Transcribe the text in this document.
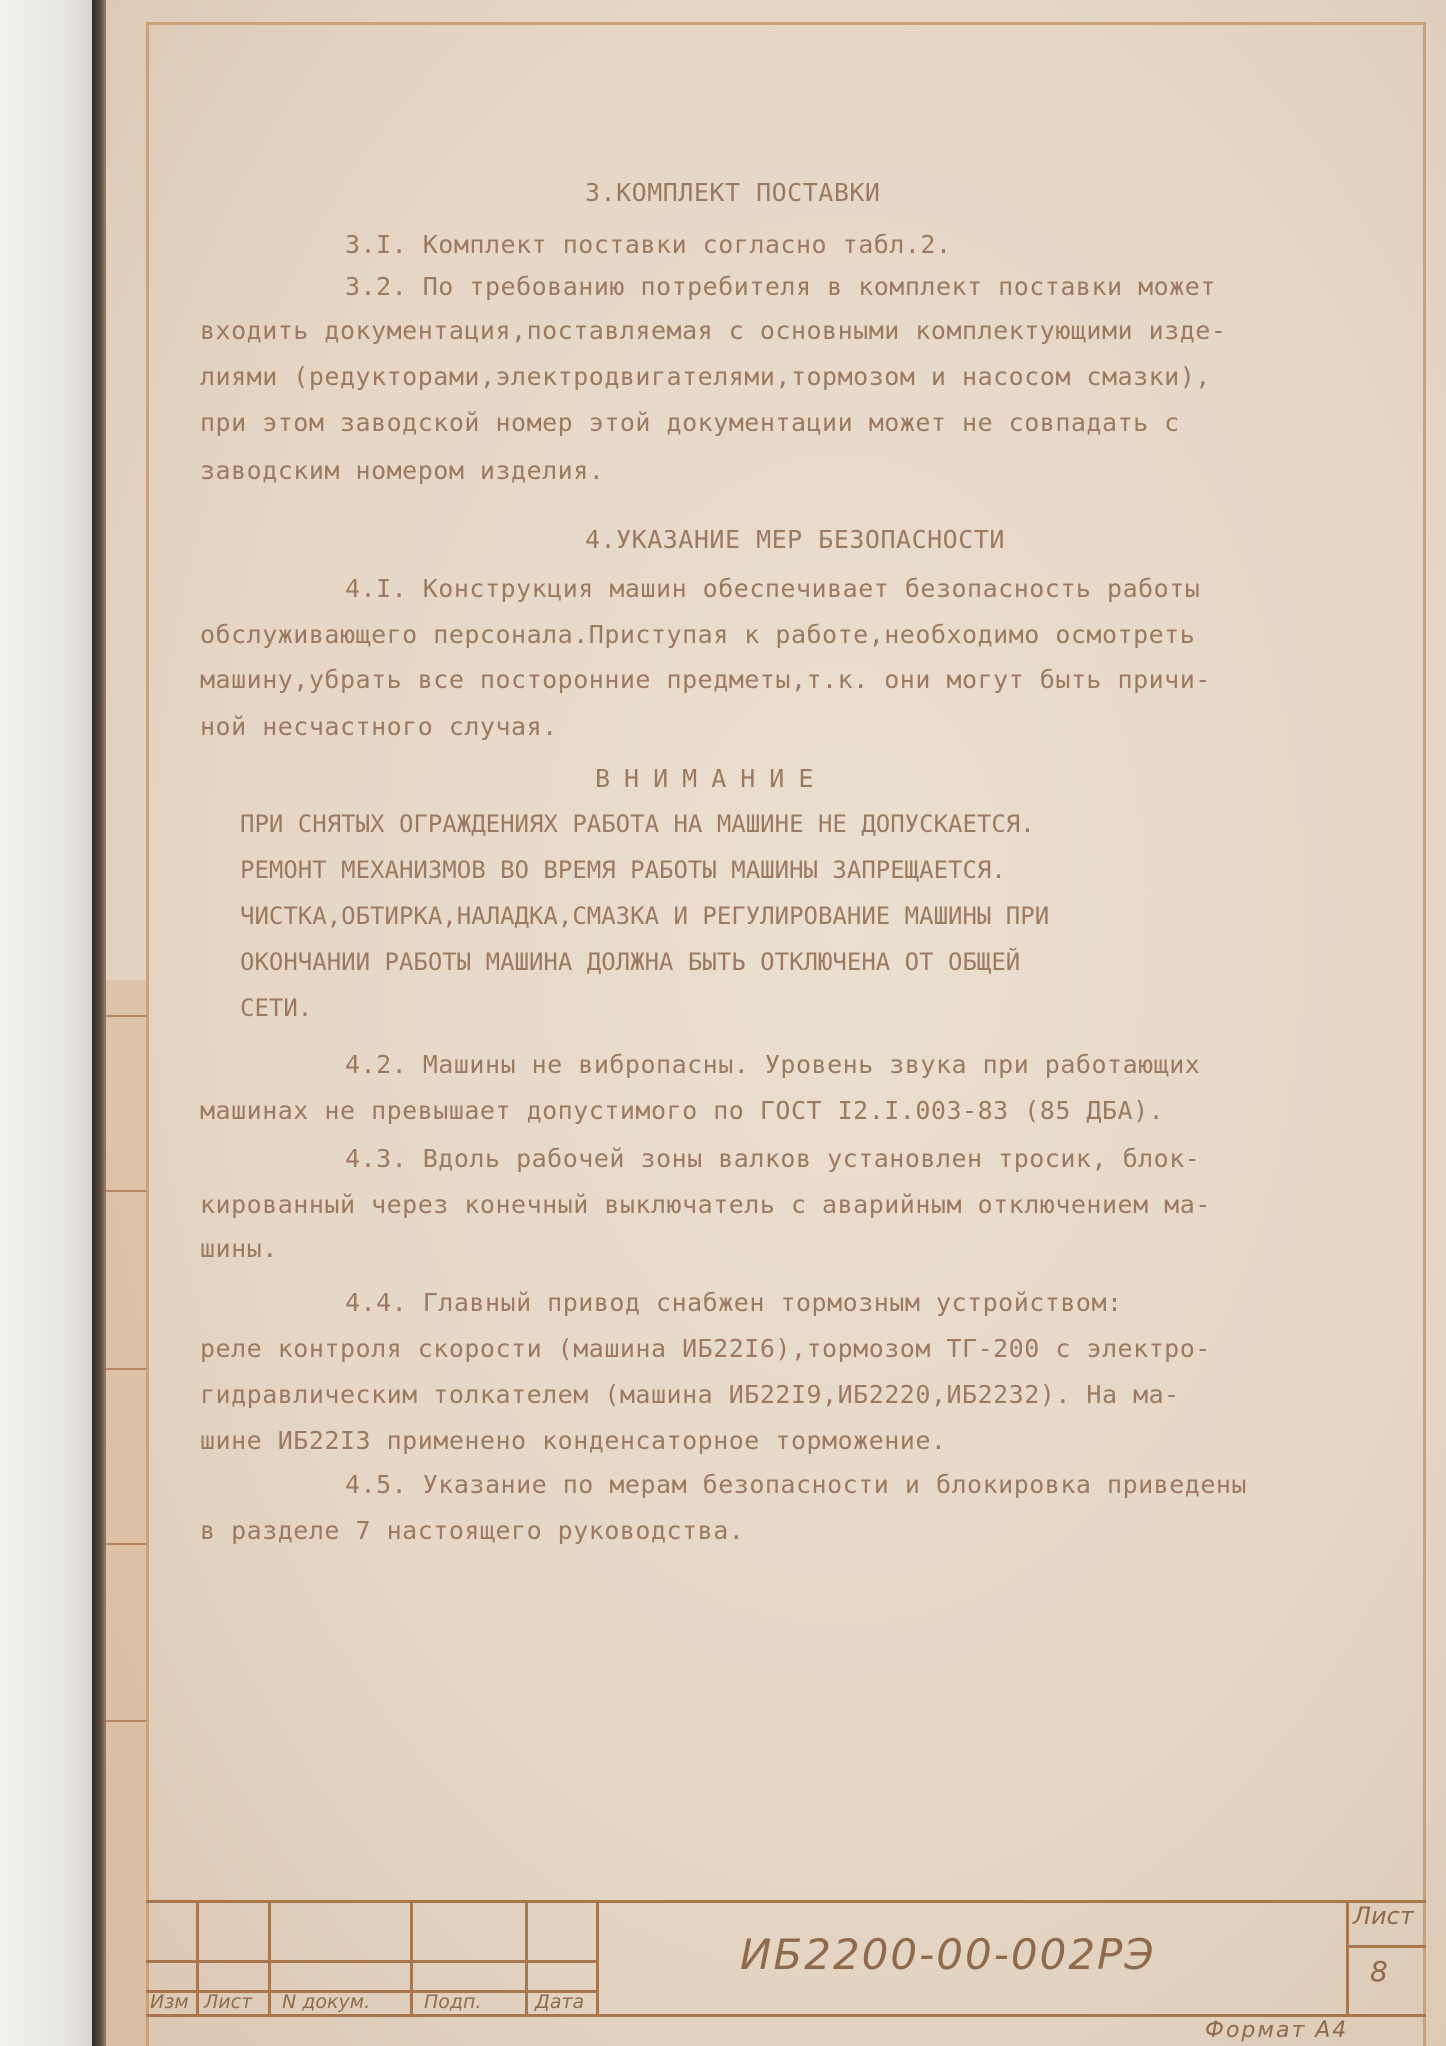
3.КОМПЛЕКТ ПОСТАВКИ
3.I. Комплект поставки согласно табл.2.
3.2. По требованию потребителя в комплект поставки может
входить документация,поставляемая с основными комплектующими изде-
лиями (редукторами,электродвигателями,тормозом и насосом смазки),
при этом заводской номер этой документации может не совпадать с
заводским номером изделия.
4.УКАЗАНИЕ МЕР БЕЗОПАСНОСТИ
4.I. Конструкция машин обеспечивает безопасность работы
обслуживающего персонала.Приступая к работе,необходимо осмотреть
машину,убрать все посторонние предметы,т.к. они могут быть причи-
ной несчастного случая.
ВНИМАНИЕ
ПРИ СНЯТЫХ ОГРАЖДЕНИЯХ РАБОТА НА МАШИНЕ НЕ ДОПУСКАЕТСЯ.
РЕМОНТ МЕХАНИЗМОВ ВО ВРЕМЯ РАБОТЫ МАШИНЫ ЗАПРЕЩАЕТСЯ.
ЧИСТКА,ОБТИРКА,НАЛАДКА,СМАЗКА И РЕГУЛИРОВАНИЕ МАШИНЫ ПРИ
ОКОНЧАНИИ РАБОТЫ МАШИНА ДОЛЖНА БЫТЬ ОТКЛЮЧЕНА ОТ ОБЩЕЙ
СЕТИ.
4.2. Машины не вибропасны. Уровень звука при работающих
машинах не превышает допустимого по ГОСТ I2.I.003-83 (85 ДБА).
4.3. Вдоль рабочей зоны валков установлен тросик, блок-
кированный через конечный выключатель с аварийным отключением ма-
шины.
4.4. Главный привод снабжен тормозным устройством:
реле контроля скорости (машина ИБ22I6),тормозом ТГ-200 с электро-
гидравлическим толкателем (машина ИБ22I9,ИБ2220,ИБ2232). На ма-
шине ИБ22I3 применено конденсаторное торможение.
4.5. Указание по мерам безопасности и блокировка приведены
в разделе 7 настоящего руководства.
Изм Лист N докум.	Подп.	Дата
ИБ2200-00-002РЭ
Лист
8
Формат А4
